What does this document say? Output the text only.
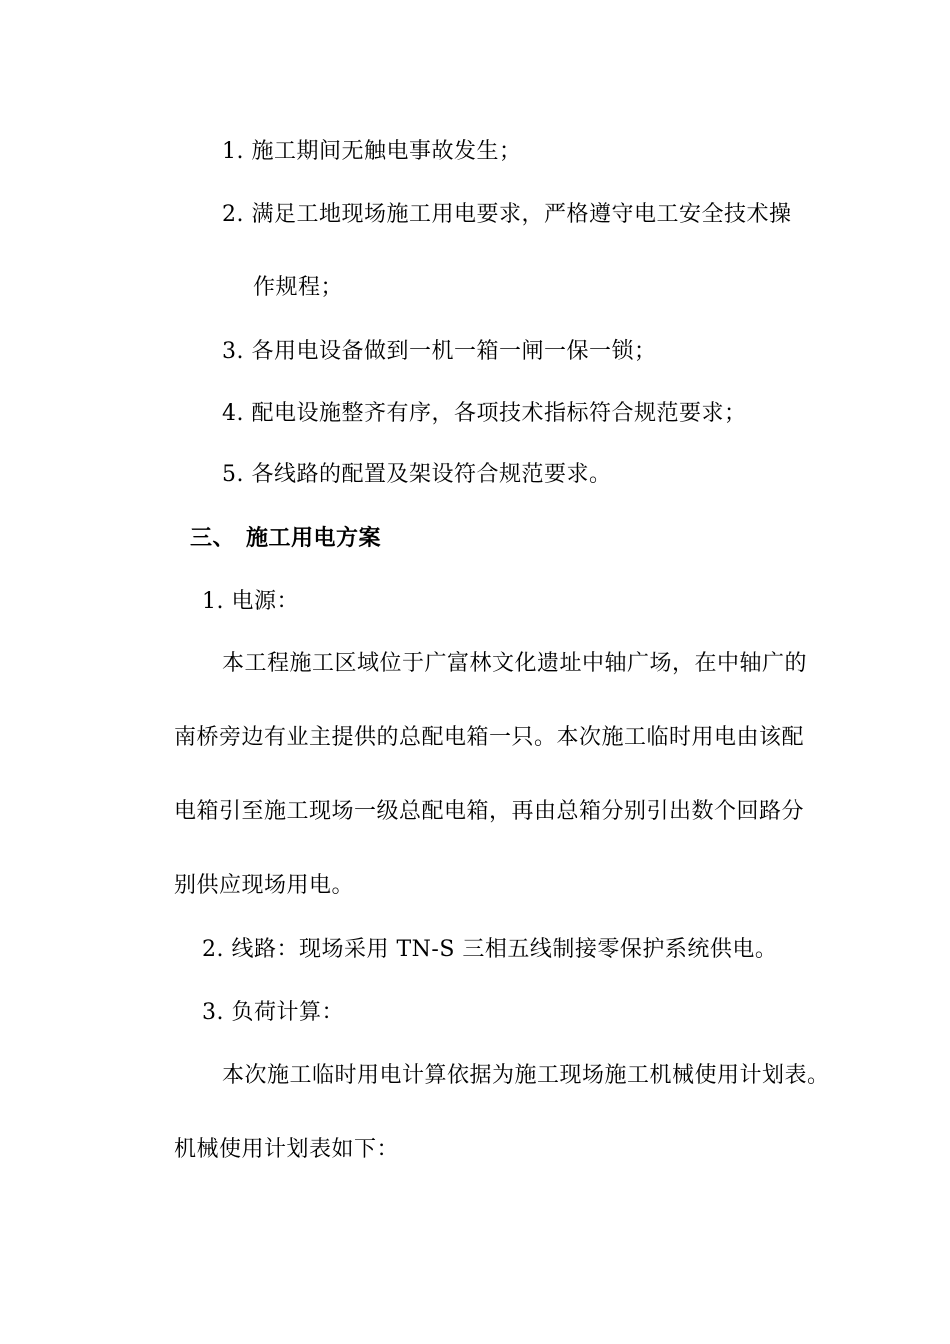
1. 施工期间无触电事故发生；
2. 满足工地现场施工用电要求，严格遵守电工安全技术操
作规程；
3. 各用电设备做到一机一箱一闸一保一锁；
4. 配电设施整齐有序，各项技术指标符合规范要求；
5. 各线路的配置及架设符合规范要求。
三、 施工用电方案
1. 电源：
本工程施工区域位于广富林文化遗址中轴广场，在中轴广的
南桥旁边有业主提供的总配电箱一只。本次施工临时用电由该配
电箱引至施工现场一级总配电箱，再由总箱分别引出数个回路分
别供应现场用电。
2. 线路：现场采用 TN-S 三相五线制接零保护系统供电。
3. 负荷计算：
本次施工临时用电计算依据为施工现场施工机械使用计划表。
机械使用计划表如下：
